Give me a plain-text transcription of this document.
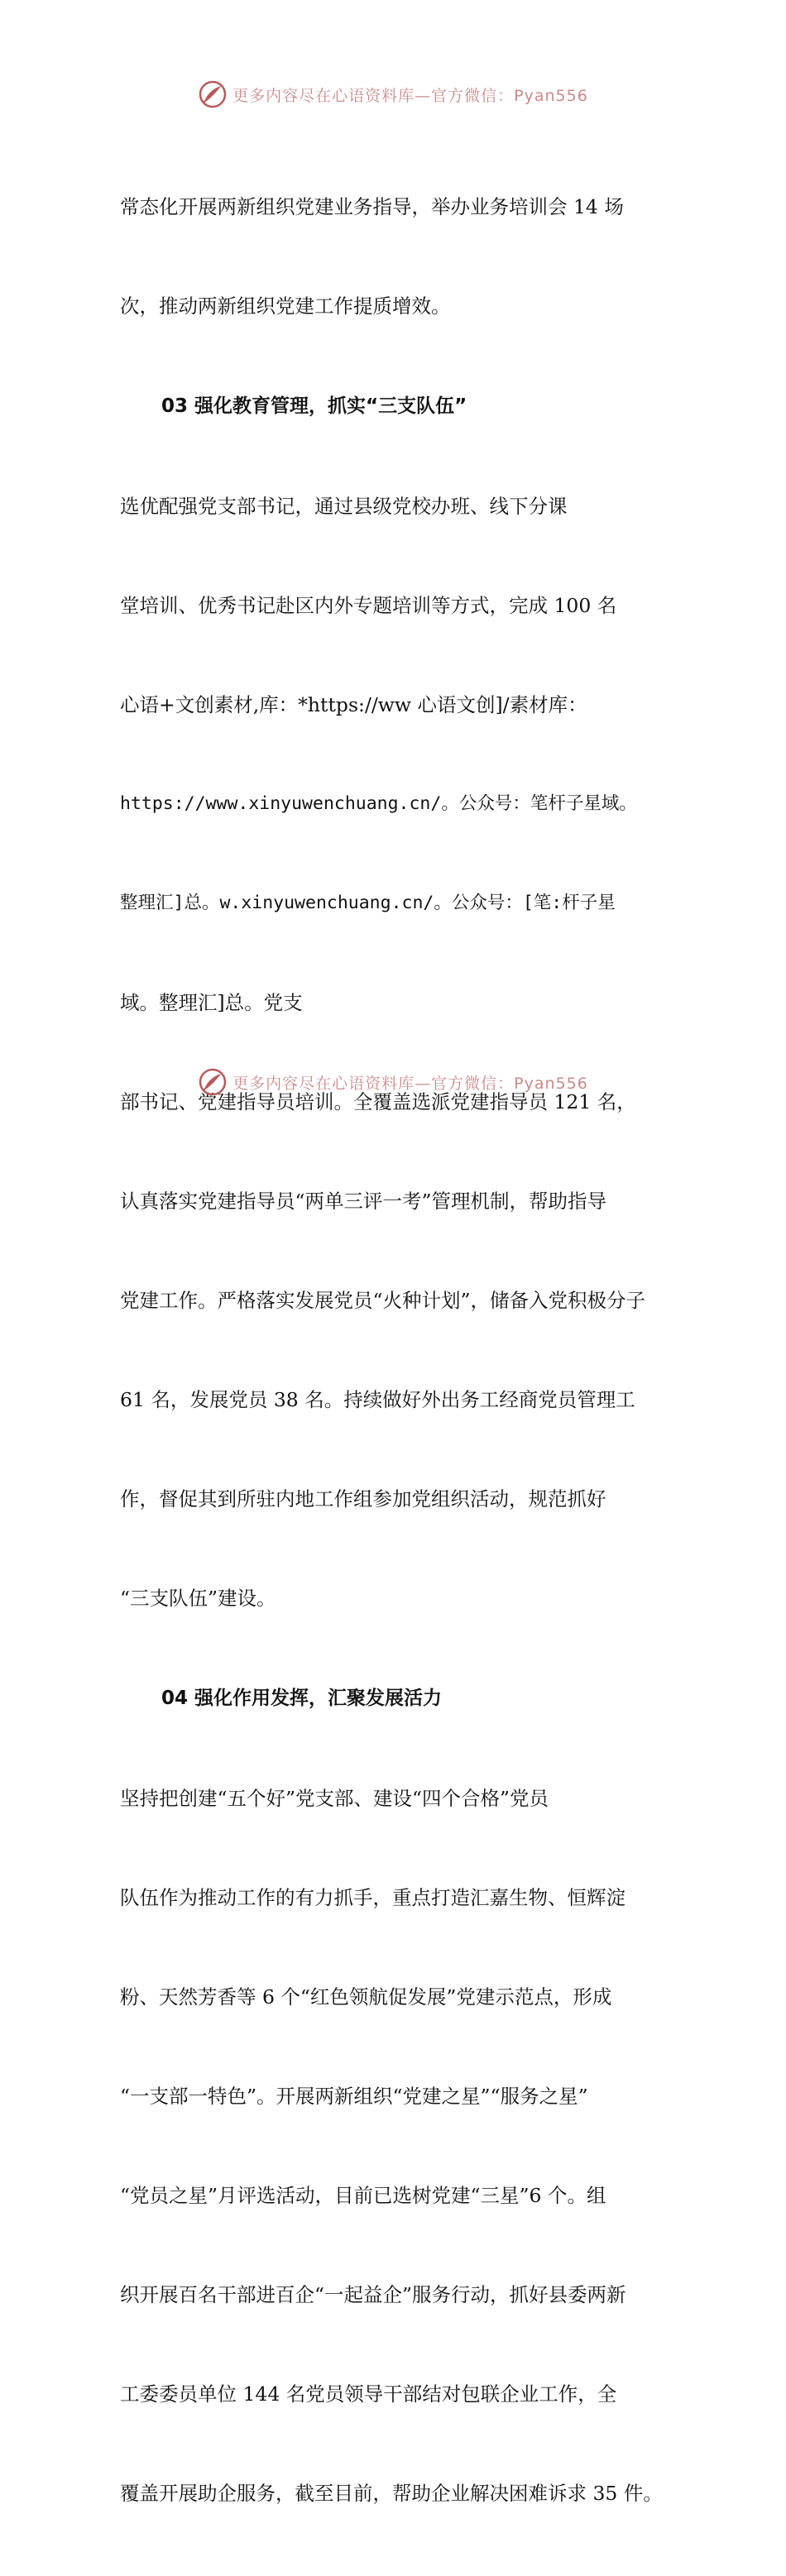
更多内容尽在心语资料库—官方微信：Pyan556

常态化开展两新组织党建业务指导，举办业务培训会 14 场

次，推动两新组织党建工作提质增效。

03 强化教育管理，抓实“三支队伍”

选优配强党支部书记，通过县级党校办班、线下分课

堂培训、优秀书记赴区内外专题培训等方式，完成 100 名

心语+文创素材,库：*https://ww 心语文创]/素材库：

https://www.xinyuwenchuang.cn/。公众号：笔杆子星域。

整理汇]总。w.xinyuwenchuang.cn/。公众号：[笔:杆子星

域。整理汇]总。党支

部书记、党建指导员培训。全覆盖选派党建指导员 121 名，

认真落实党建指导员“两单三评一考”管理机制，帮助指导

党建工作。严格落实发展党员“火种计划”，储备入党积极分子

61 名，发展党员 38 名。持续做好外出务工经商党员管理工

作，督促其到所驻内地工作组参加党组织活动，规范抓好

“三支队伍”建设。

04 强化作用发挥，汇聚发展活力

坚持把创建“五个好”党支部、建设“四个合格”党员

队伍作为推动工作的有力抓手，重点打造汇嘉生物、恒辉淀

粉、天然芳香等 6 个“红色领航促发展”党建示范点，形成

“一支部一特色”。开展两新组织“党建之星”“服务之星”

“党员之星”月评选活动，目前已选树党建“三星”6 个。组

织开展百名干部进百企“一起益企”服务行动，抓好县委两新

工委委员单位 144 名党员领导干部结对包联企业工作，全

覆盖开展助企服务，截至目前，帮助企业解决困难诉求 35 件。

更多内容尽在心语资料库—官方微信：Pyan556
